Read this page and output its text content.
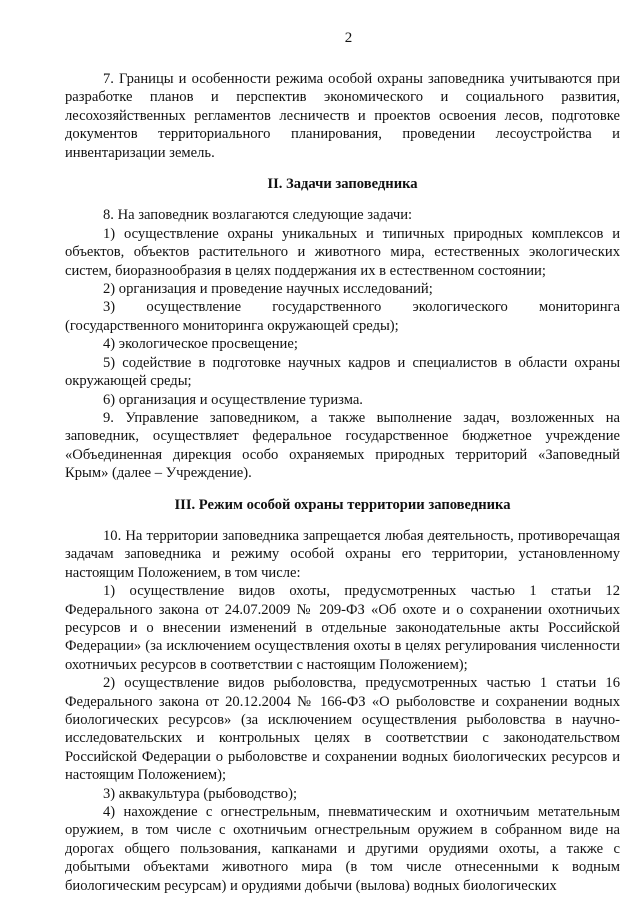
2

7. Границы и особенности режима особой охраны заповедника учитываются при разработке планов и перспектив экономического и социального развития, лесохозяйственных регламентов лесничеств и проектов освоения лесов, подготовке документов территориального планирования, проведении лесоустройства и инвентаризации земель.

II. Задачи заповедника

8. На заповедник возлагаются следующие задачи:

1) осуществление охраны уникальных и типичных природных комплексов и объектов, объектов растительного и животного мира, естественных экологических систем, биоразнообразия в целях поддержания их в естественном состоянии;

2) организация и проведение научных исследований;

3) осуществление государственного экологического мониторинга (государственного мониторинга окружающей среды);

4) экологическое просвещение;

5) содействие в подготовке научных кадров и специалистов в области охраны окружающей среды;

6) организация и осуществление туризма.

9. Управление заповедником, а также выполнение задач, возложенных на заповедник, осуществляет федеральное государственное бюджетное учреждение «Объединенная дирекция особо охраняемых природных территорий «Заповедный Крым» (далее – Учреждение).

III. Режим особой охраны территории заповедника

10. На территории заповедника запрещается любая деятельность, противоречащая задачам заповедника и режиму особой охраны его территории, установленному настоящим Положением, в том числе:

1) осуществление видов охоты, предусмотренных частью 1 статьи 12 Федерального закона от 24.07.2009 № 209-ФЗ «Об охоте и о сохранении охотничьих ресурсов и о внесении изменений в отдельные законодательные акты Российской Федерации» (за исключением осуществления охоты в целях регулирования численности охотничьих ресурсов в соответствии с настоящим Положением);

2) осуществление видов рыболовства, предусмотренных частью 1 статьи 16 Федерального закона от 20.12.2004 № 166-ФЗ «О рыболовстве и сохранении водных биологических ресурсов» (за исключением осуществления рыболовства в научно-исследовательских и контрольных целях в соответствии с законодательством Российской Федерации о рыболовстве и сохранении водных биологических ресурсов и настоящим Положением);

3) аквакультура (рыбоводство);

4) нахождение с огнестрельным, пневматическим и охотничьим метательным оружием, в том числе с охотничьим огнестрельным оружием в собранном виде на дорогах общего пользования, капканами и другими орудиями охоты, а также с добытыми объектами животного мира (в том числе отнесенными к водным биологическим ресурсам) и орудиями добычи (вылова) водных биологических
